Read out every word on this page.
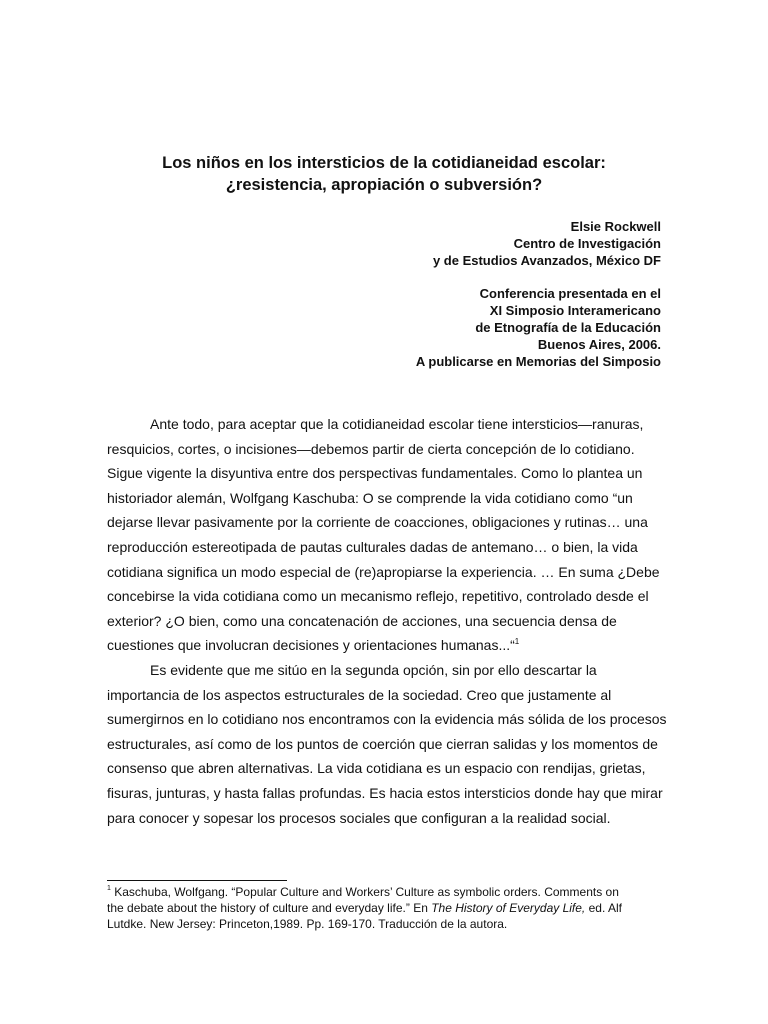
Los niños en los intersticios de la cotidianeidad escolar:
¿resistencia, apropiación o subversión?
Elsie Rockwell
Centro de Investigación
y de Estudios Avanzados, México DF
Conferencia presentada en el
XI Simposio Interamericano
de Etnografía de la Educación
Buenos Aires, 2006.
A publicarse en Memorias del Simposio

Ante todo, para aceptar que la cotidianeidad escolar tiene intersticios—ranuras,
resquicios, cortes, o incisiones—debemos partir de cierta concepción de lo cotidiano.
Sigue vigente la disyuntiva entre dos perspectivas fundamentales. Como lo plantea un
historiador alemán, Wolfgang Kaschuba: O se comprende la vida cotidiano como “un
dejarse llevar pasivamente por la corriente de coacciones, obligaciones y rutinas… una
reproducción estereotipada de pautas culturales dadas de antemano… o bien, la vida
cotidiana significa un modo especial de (re)apropiarse la experiencia. … En suma ¿Debe
concebirse la vida cotidiana como un mecanismo reflejo, repetitivo, controlado desde el
exterior? ¿O bien, como una concatenación de acciones, una secuencia densa de
cuestiones que involucran decisiones y orientaciones humanas...“$^1$

Es evidente que me sitúo en la segunda opción, sin por ello descartar la
importancia de los aspectos estructurales de la sociedad. Creo que justamente al
sumergirnos en lo cotidiano nos encontramos con la evidencia más sólida de los procesos
estructurales, así como de los puntos de coerción que cierran salidas y los momentos de
consenso que abren alternativas. La vida cotidiana es un espacio con rendijas, grietas,
fisuras, junturas, y hasta fallas profundas. Es hacia estos intersticios donde hay que mirar
para conocer y sopesar los procesos sociales que configuran a la realidad social.

$^1$ Kaschuba, Wolfgang. “Popular Culture and Workers’ Culture as symbolic orders. Comments on
the debate about the history of culture and everyday life.” En The History of Everyday Life, ed. Alf
Lutdke. New Jersey: Princeton,1989. Pp. 169-170. Traducción de la autora.
